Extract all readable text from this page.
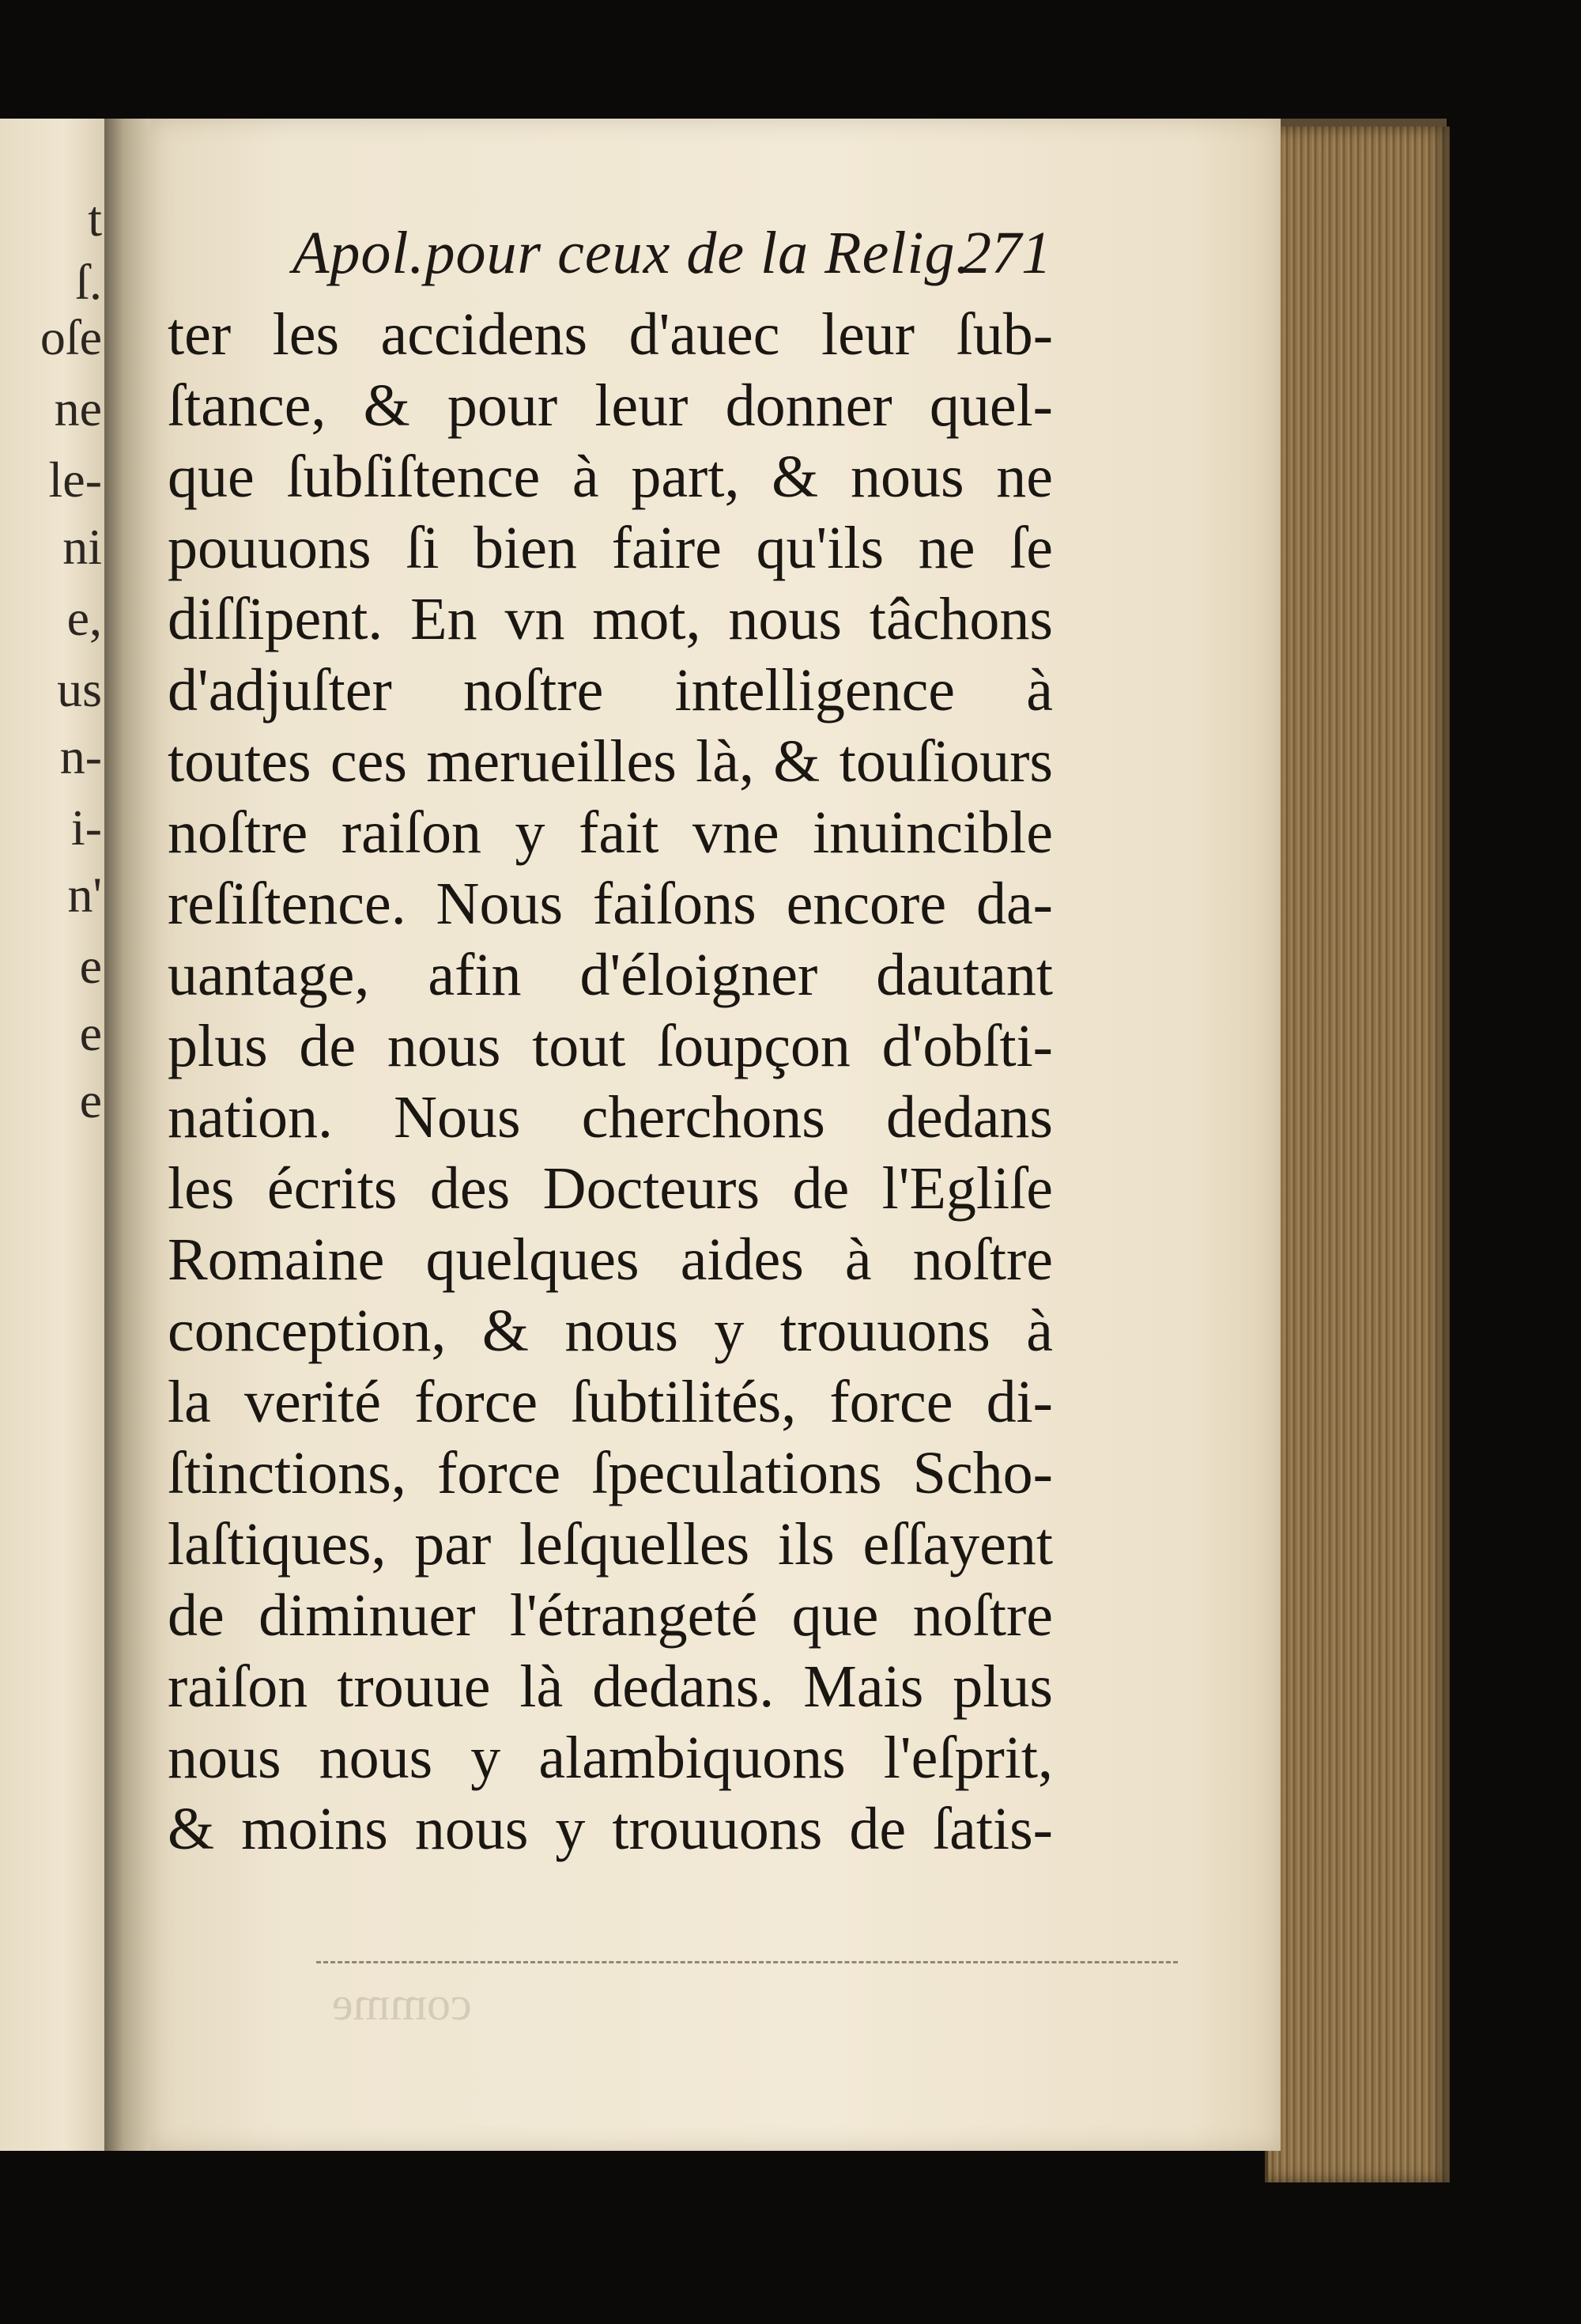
t
ſ.
oſe
ne
le-
ni
e,
us
n-
i-
n'
e
e
e
comme
Apol.pour ceux de la Relig.
271
ter les accidens d'auec leur ſub-
ſtance, & pour leur donner quel-
que ſubſiſtence à part, & nous ne
pouuons ſi bien faire qu'ils ne ſe
diſſipent. En vn mot, nous tâchons
d'adjuſter noſtre intelligence à
toutes ces merueilles là, & touſiours
noſtre raiſon y fait vne inuincible
reſiſtence. Nous faiſons encore da-
uantage, afin d'éloigner dautant
plus de nous tout ſoupçon d'obſti-
nation. Nous cherchons dedans
les écrits des Docteurs de l'Egliſe
Romaine quelques aides à noſtre
conception, & nous y trouuons à
la verité force ſubtilités, force di-
ſtinctions, force ſpeculations Scho-
laſtiques, par leſquelles ils eſſayent
de diminuer l'étrangeté que noſtre
raiſon trouue là dedans. Mais plus
nous nous y alambiquons l'eſprit,
& moins nous y trouuons de ſatis-
